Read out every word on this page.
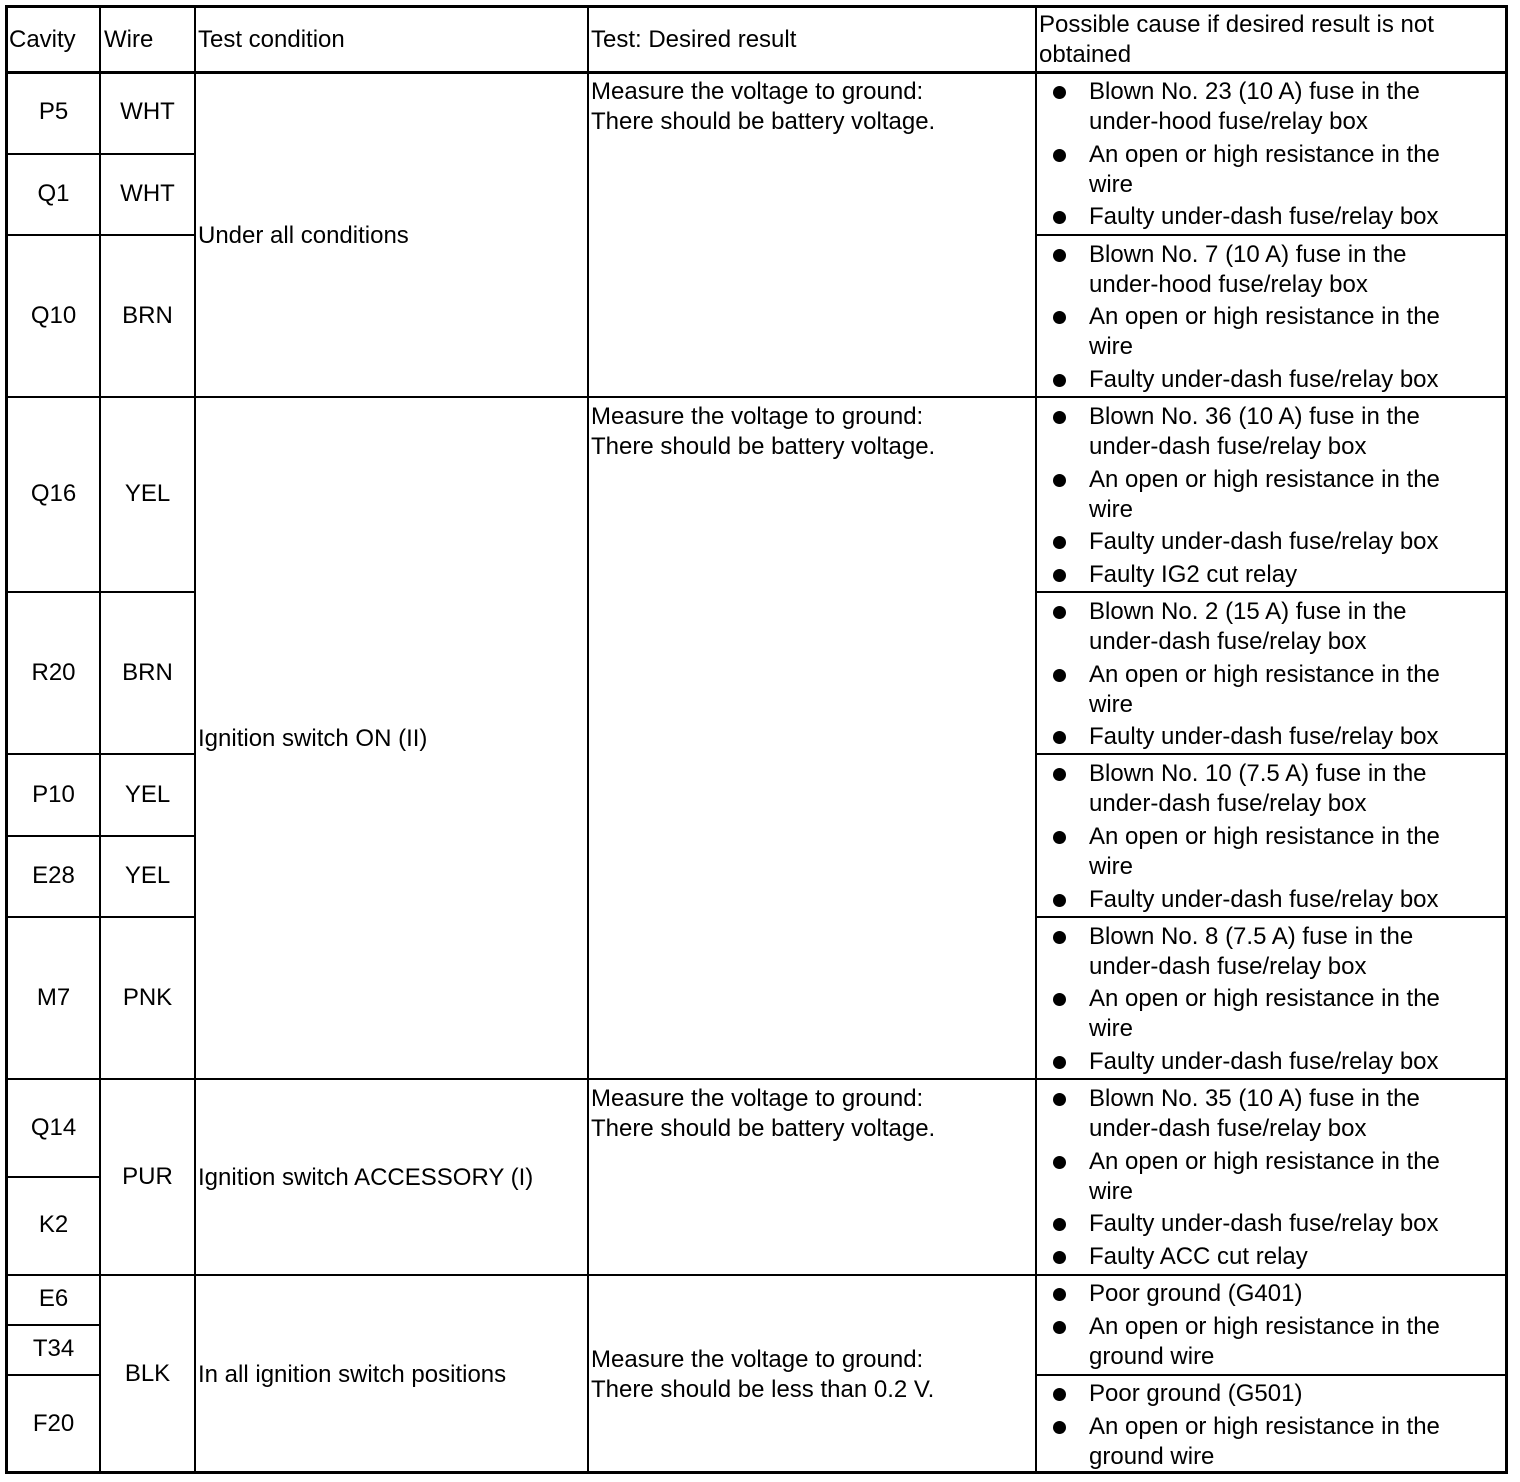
Cavity Wire Test condition	Test: Desired result
Possible cause if desired result is not
obtained
P5
Q1
Q10
Q16
R20
P10
E28
M7
Q14
K2
E6
T34
F20
WHT
WHT
BRN
YEL
BRN
YEL
YEL
PNK
PUR
BLK
Under all conditions
Ignition switch ON (II)
Ignition switch ACCESSORY (I)
In all ignition switch positions
Measure the voltage to ground:
There should be battery voltage.
Measure the voltage to ground:
There should be battery voltage.
Measure the voltage to ground:
There should be battery voltage.
Measure the voltage to ground:
There should be less than 0.2 V.
Blown No. 23 (10 A) fuse in the
under-hood fuse/relay box
An open or high resistance in the
wire
Faulty under-dash fuse/relay box
Blown No. 7 (10 A) fuse in the
under-hood fuse/relay box
An open or high resistance in the
wire
Faulty under-dash fuse/relay box
Blown No. 36 (10 A) fuse in the
under-dash fuse/relay box
An open or high resistance in the
wire
Faulty under-dash fuse/relay box
Faulty IG2 cut relay
Blown No. 2 (15 A) fuse in the
under-dash fuse/relay box
An open or high resistance in the
wire
Faulty under-dash fuse/relay box
Blown No. 10 (7.5 A) fuse in the
under-dash fuse/relay box
An open or high resistance in the
wire
Faulty under-dash fuse/relay box
Blown No. 8 (7.5 A) fuse in the
under-dash fuse/relay box
An open or high resistance in the
wire
Faulty under-dash fuse/relay box
Blown No. 35 (10 A) fuse in the
under-dash fuse/relay box
An open or high resistance in the
wire
Faulty under-dash fuse/relay box
Faulty ACC cut relay
Poor ground (G401)
An open or high resistance in the
ground wire
Poor ground (G501)
An open or high resistance in the
ground wire
